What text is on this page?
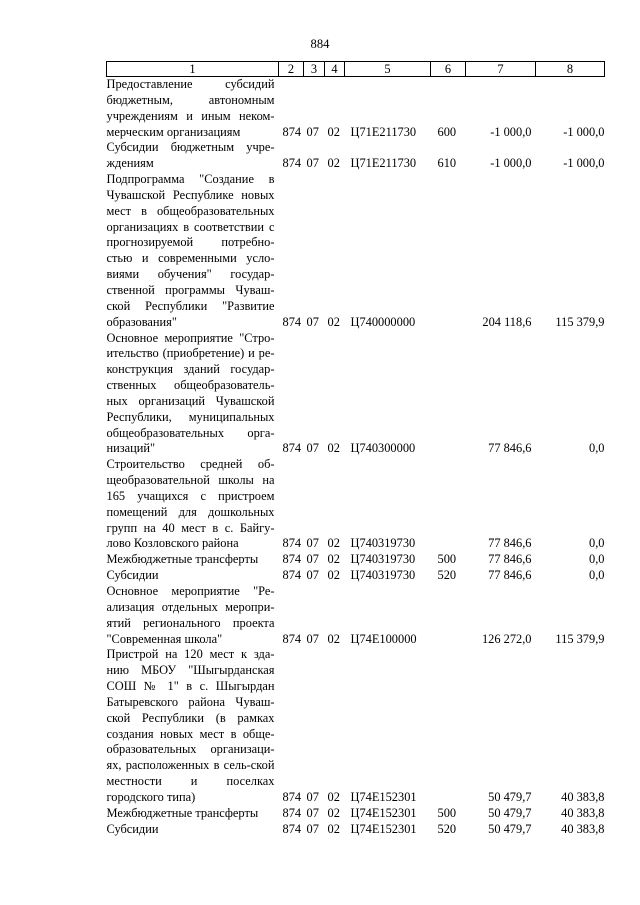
884
1	2	3	4	5	6	7	8
Предоставление субсидий бюджетным, автономным учреждениям и иным неком-мерческим организациям	874	07	02	Ц71Е211730	600	-1 000,0	-1 000,0
Субсидии бюджетным учре-ждениям	874	07	02	Ц71Е211730	610	-1 000,0	-1 000,0
Подпрограмма "Создание в Чувашской Республике новых мест в общеобразовательных организациях в соответствии с прогнозируемой потребно-стью и современными усло-виями обучения" государ-ственной программы Чуваш-ской Республики "Развитие образования"	874	07	02	Ц740000000		204 118,6	115 379,9
Основное мероприятие "Стро-ительство (приобретение) и ре-конструкция зданий государ-ственных общеобразователь-ных организаций Чувашской Республики, муниципальных общеобразовательных орга-низаций"	874	07	02	Ц740300000		77 846,6	0,0
Строительство средней об-щеобразовательной школы на 165 учащихся с пристроем помещений для дошкольных групп на 40 мест в с. Байгу-лово Козловского района	874	07	02	Ц740319730		77 846,6	0,0
Межбюджетные трансферты	874	07	02	Ц740319730	500	77 846,6	0,0
Субсидии	874	07	02	Ц740319730	520	77 846,6	0,0
Основное мероприятие "Ре-ализация отдельных меропри-ятий регионального проекта "Современная школа"	874	07	02	Ц74Е100000		126 272,0	115 379,9
Пристрой на 120 мест к зда-нию МБОУ "Шыгырданская СОШ № 1" в с. Шыгырдан Батыревского района Чуваш-ской Республики (в рамках создания новых мест в обще-образовательных организаци-ях, расположенных в сель-ской местности и поселках городского типа)	874	07	02	Ц74Е152301		50 479,7	40 383,8
Межбюджетные трансферты	874	07	02	Ц74Е152301	500	50 479,7	40 383,8
Субсидии	874	07	02	Ц74Е152301	520	50 479,7	40 383,8
